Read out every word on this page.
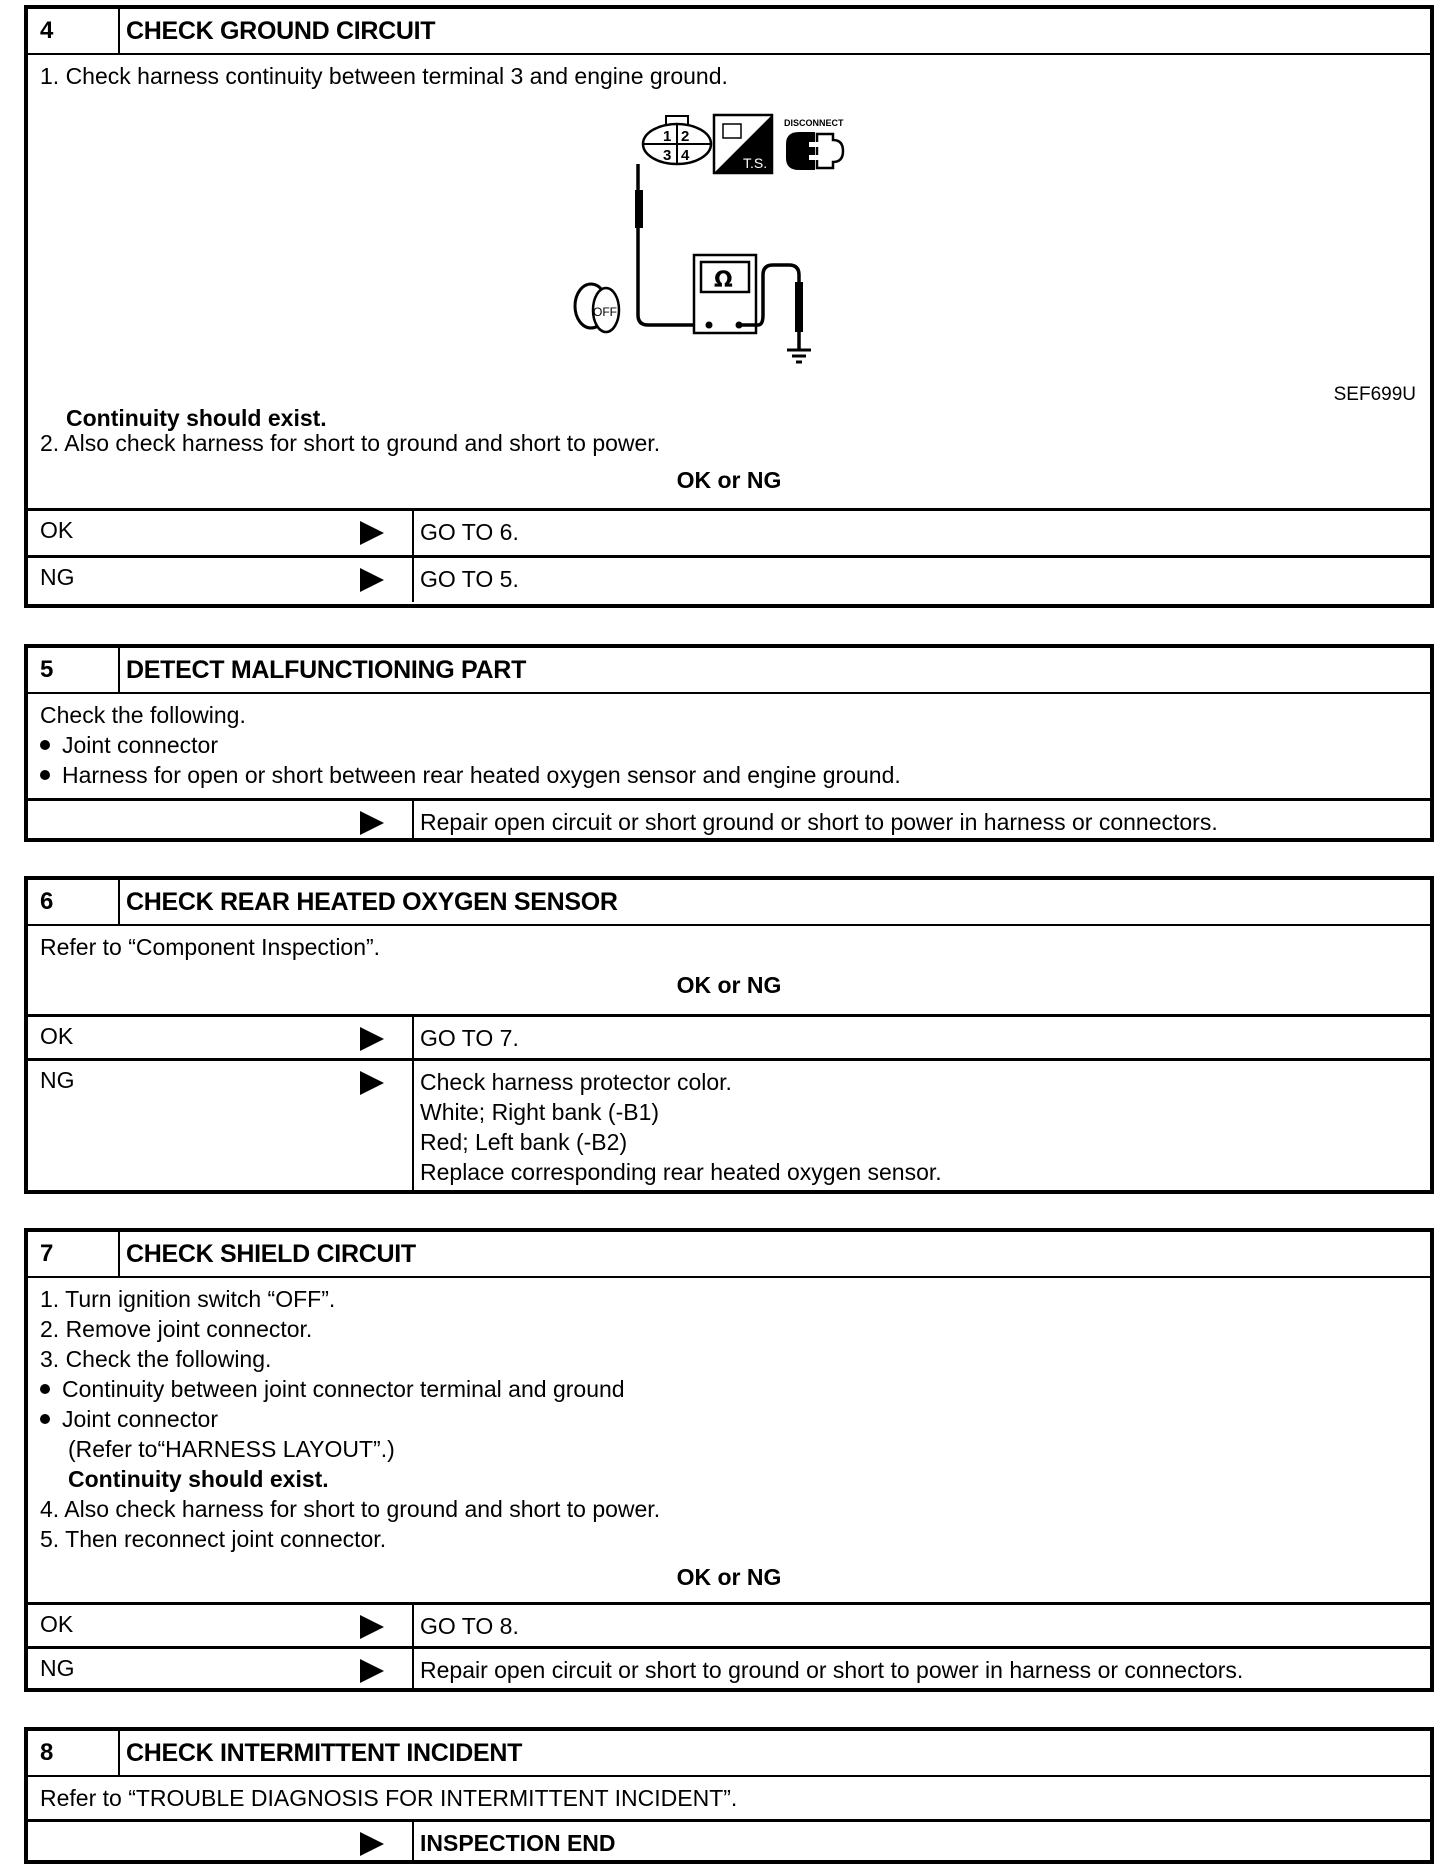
4	CHECK GROUND CIRCUIT
1. Check harness continuity between terminal 3 and engine ground.
1 2
3 4	T.S.
DISCONNECT
Ω
OFF
SEF699U
Continuity should exist.
2. Also check harness for short to ground and short to power.
OK or NG
OK	GO TO 6.
NG	GO TO 5.
5	DETECT MALFUNCTIONING PART
Check the following.
Joint connector
Harness for open or short between rear heated oxygen sensor and engine ground.
Repair open circuit or short ground or short to power in harness or connectors.
6	CHECK REAR HEATED OXYGEN SENSOR
Refer to “Component Inspection”.
OK or NG
OK	GO TO 7.
NG	Check harness protector color.
White; Right bank (-B1)
Red; Left bank (-B2)
Replace corresponding rear heated oxygen sensor.
7	CHECK SHIELD CIRCUIT
1. Turn ignition switch “OFF”.
2. Remove joint connector.
3. Check the following.
Continuity between joint connector terminal and ground
Joint connector
(Refer to“HARNESS LAYOUT”.)
Continuity should exist.
4. Also check harness for short to ground and short to power.
5. Then reconnect joint connector.
OK or NG
OK	GO TO 8.
NG	Repair open circuit or short to ground or short to power in harness or connectors.
8	CHECK INTERMITTENT INCIDENT
Refer to “TROUBLE DIAGNOSIS FOR INTERMITTENT INCIDENT”.
INSPECTION END
